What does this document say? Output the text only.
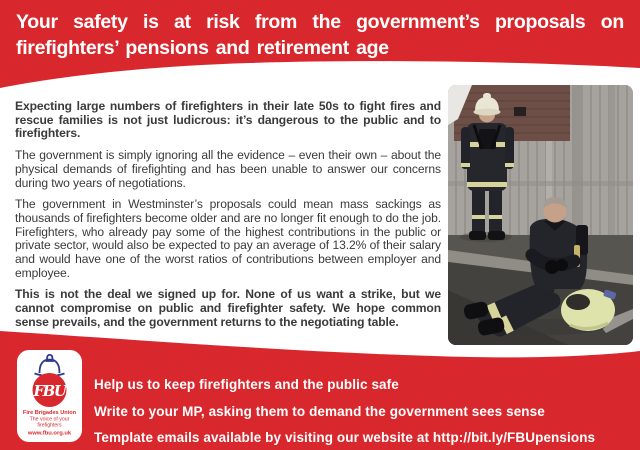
Your safety is at risk from the government’s proposals on firefighters’ pensions and retirement age

Expecting large numbers of firefighters in their late 50s to fight fires and rescue families is not just ludicrous: it’s dangerous to the public and to firefighters.

The government is simply ignoring all the evidence – even their own – about the physical demands of firefighting and has been unable to answer our concerns during two years of negotiations.

The government in Westminster’s proposals could mean mass sackings as thousands of firefighters become older and are no longer fit enough to do the job. Firefighters, who already pay some of the highest contributions in the public or private sector, would also be expected to pay an average of 13.2% of their salary and would have one of the worst ratios of contributions between employer and employee.

This is not the deal we signed up for. None of us want a strike, but we cannot compromise on public and firefighter safety. We hope common sense prevails, and the government returns to the negotiating table.

Help us to keep firefighters and the public safe
Write to your MP, asking them to demand the government sees sense
Template emails available by visiting our website at http://bit.ly/FBUpensions
FBU
Fire Brigades Union
The voice of your
firefighters
www.fbu.org.uk
